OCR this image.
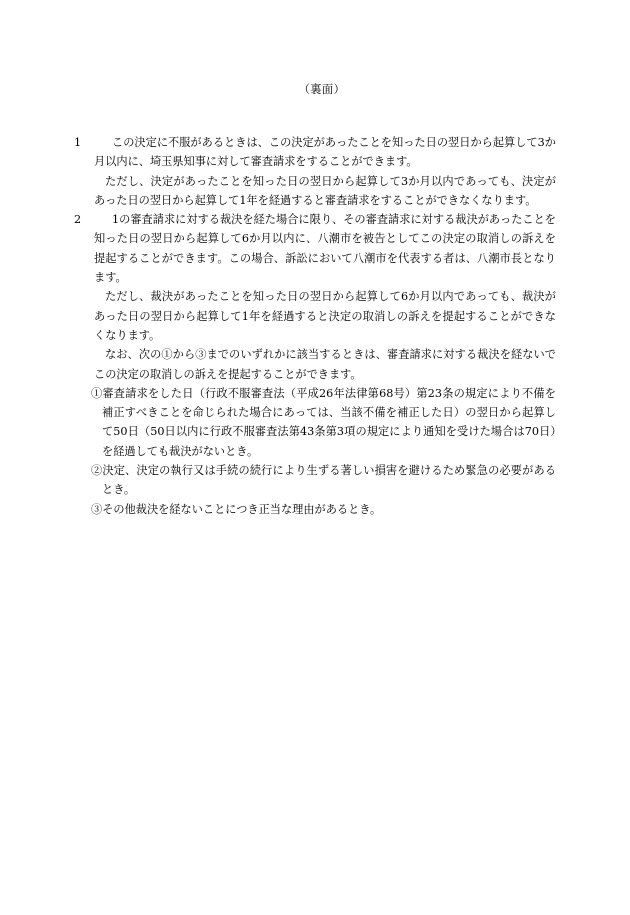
（裏面）
1	この決定に不服があるときは、この決定があったことを知った日の翌日から起算して3か月以内に、埼玉県知事に対して審査請求をすることができます。

ただし、決定があったことを知った日の翌日から起算して3か月以内であっても、決定があった日の翌日から起算して1年を経過すると審査請求をすることができなくなります。

2	1の審査請求に対する裁決を経た場合に限り、その審査請求に対する裁決があったことを知った日の翌日から起算して6か月以内に、八潮市を被告としてこの決定の取消しの訴えを提起することができます。この場合、訴訟において八潮市を代表する者は、八潮市長となります。

ただし、裁決があったことを知った日の翌日から起算して6か月以内であっても、裁決があった日の翌日から起算して1年を経過すると決定の取消しの訴えを提起することができなくなります。

なお、次の①から③までのいずれかに該当するときは、審査請求に対する裁決を経ないでこの決定の取消しの訴えを提起することができます。

①審査請求をした日（行政不服審査法（平成26年法律第68号）第23条の規定により不備を補正すべきことを命じられた場合にあっては、当該不備を補正した日）の翌日から起算して50日（50日以内に行政不服審査法第43条第3項の規定により通知を受けた場合は70日）を経過しても裁決がないとき。
②決定、決定の執行又は手続の続行により生ずる著しい損害を避けるため緊急の必要があるとき。
③その他裁決を経ないことにつき正当な理由があるとき。
